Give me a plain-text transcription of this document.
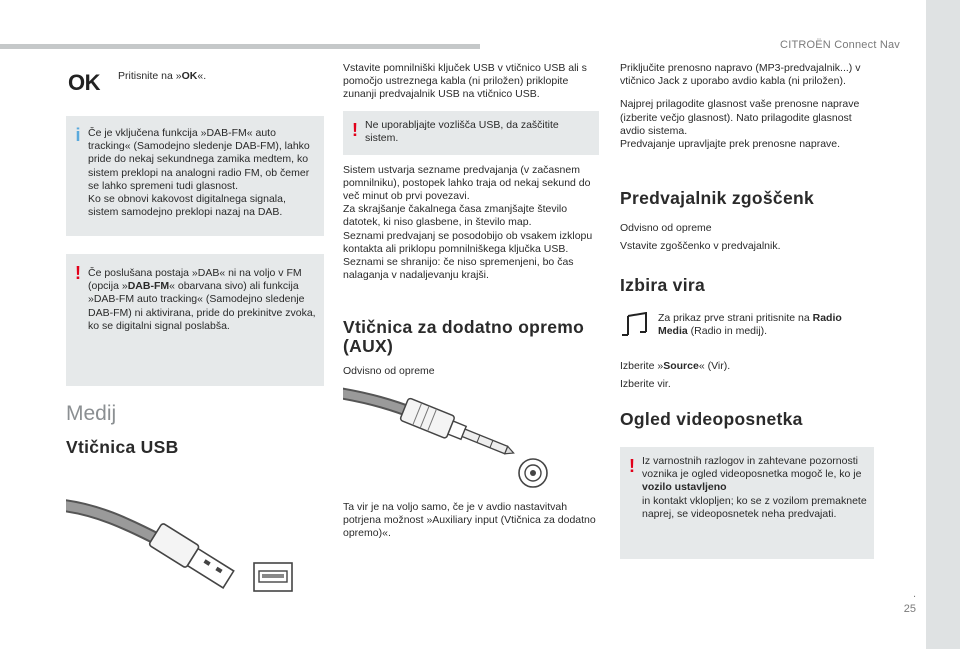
CITROËN Connect Nav
.
25
OK	Pritisnite na »OK«.

i Če je vključena funkcija »DAB-FM« auto tracking« (Samodejno sledenje DAB-FM), lahko pride do nekaj sekundnega zamika medtem, ko sistem preklopi na analogni radio FM, ob čemer se lahko spremeni tudi glasnost.
Ko se obnovi kakovost digitalnega signala, sistem samodejno preklopi nazaj na DAB.
! Če poslušana postaja »DAB« ni na voljo v FM (opcija »DAB-FM« obarvana sivo) ali funkcija »DAB-FM auto tracking« (Samodejno sledenje DAB-FM) ni aktivirana, pride do prekinitve zvoka, ko se digitalni signal poslabša.
Medij
Vtičnica USB

Vstavite pomnilniški ključek USB v vtičnico USB ali s pomočjo ustreznega kabla (ni priložen) priklopite zunanji predvajalnik USB na vtičnico USB.

! Ne uporabljajte vozlišča USB, da zaščitite sistem.

Sistem ustvarja sezname predvajanja (v začasnem pomnilniku), postopek lahko traja od nekaj sekund do več minut ob prvi povezavi.

Za skrajšanje čakalnega časa zmanjšajte število datotek, ki niso glasbene, in število map.

Seznami predvajanj se posodobijo ob vsakem izklopu kontakta ali priklopu pomnilniškega ključka USB. Seznami se shranijo: če niso spremenjeni, bo čas nalaganja v nadaljevanju krajši.

Vtičnica za dodatno opremo (AUX)

Odvisno od opreme

Ta vir je na voljo samo, če je v avdio nastavitvah potrjena možnost »Auxiliary input (Vtičnica za dodatno opremo)«.

Priključite prenosno napravo (MP3-predvajalnik...) v vtičnico Jack z uporabo avdio kabla (ni priložen).

Najprej prilagodite glasnost vaše prenosne naprave (izberite večjo glasnost). Nato prilagodite glasnost avdio sistema.

Predvajanje upravljajte prek prenosne naprave.

Predvajalnik zgoščenk

Odvisno od opreme

Vstavite zgoščenko v predvajalnik.

Izbira vira

Za prikaz prve strani pritisnite na Radio Media (Radio in medij).

Izberite »Source« (Vir).

Izberite vir.

Ogled videoposnetka
! Iz varnostnih razlogov in zahtevane pozornosti voznika je ogled videoposnetka mogoč le, ko je vozilo ustavljeno
in kontakt vklopljen; ko se z vozilom premaknete naprej, se videoposnetek neha predvajati.
